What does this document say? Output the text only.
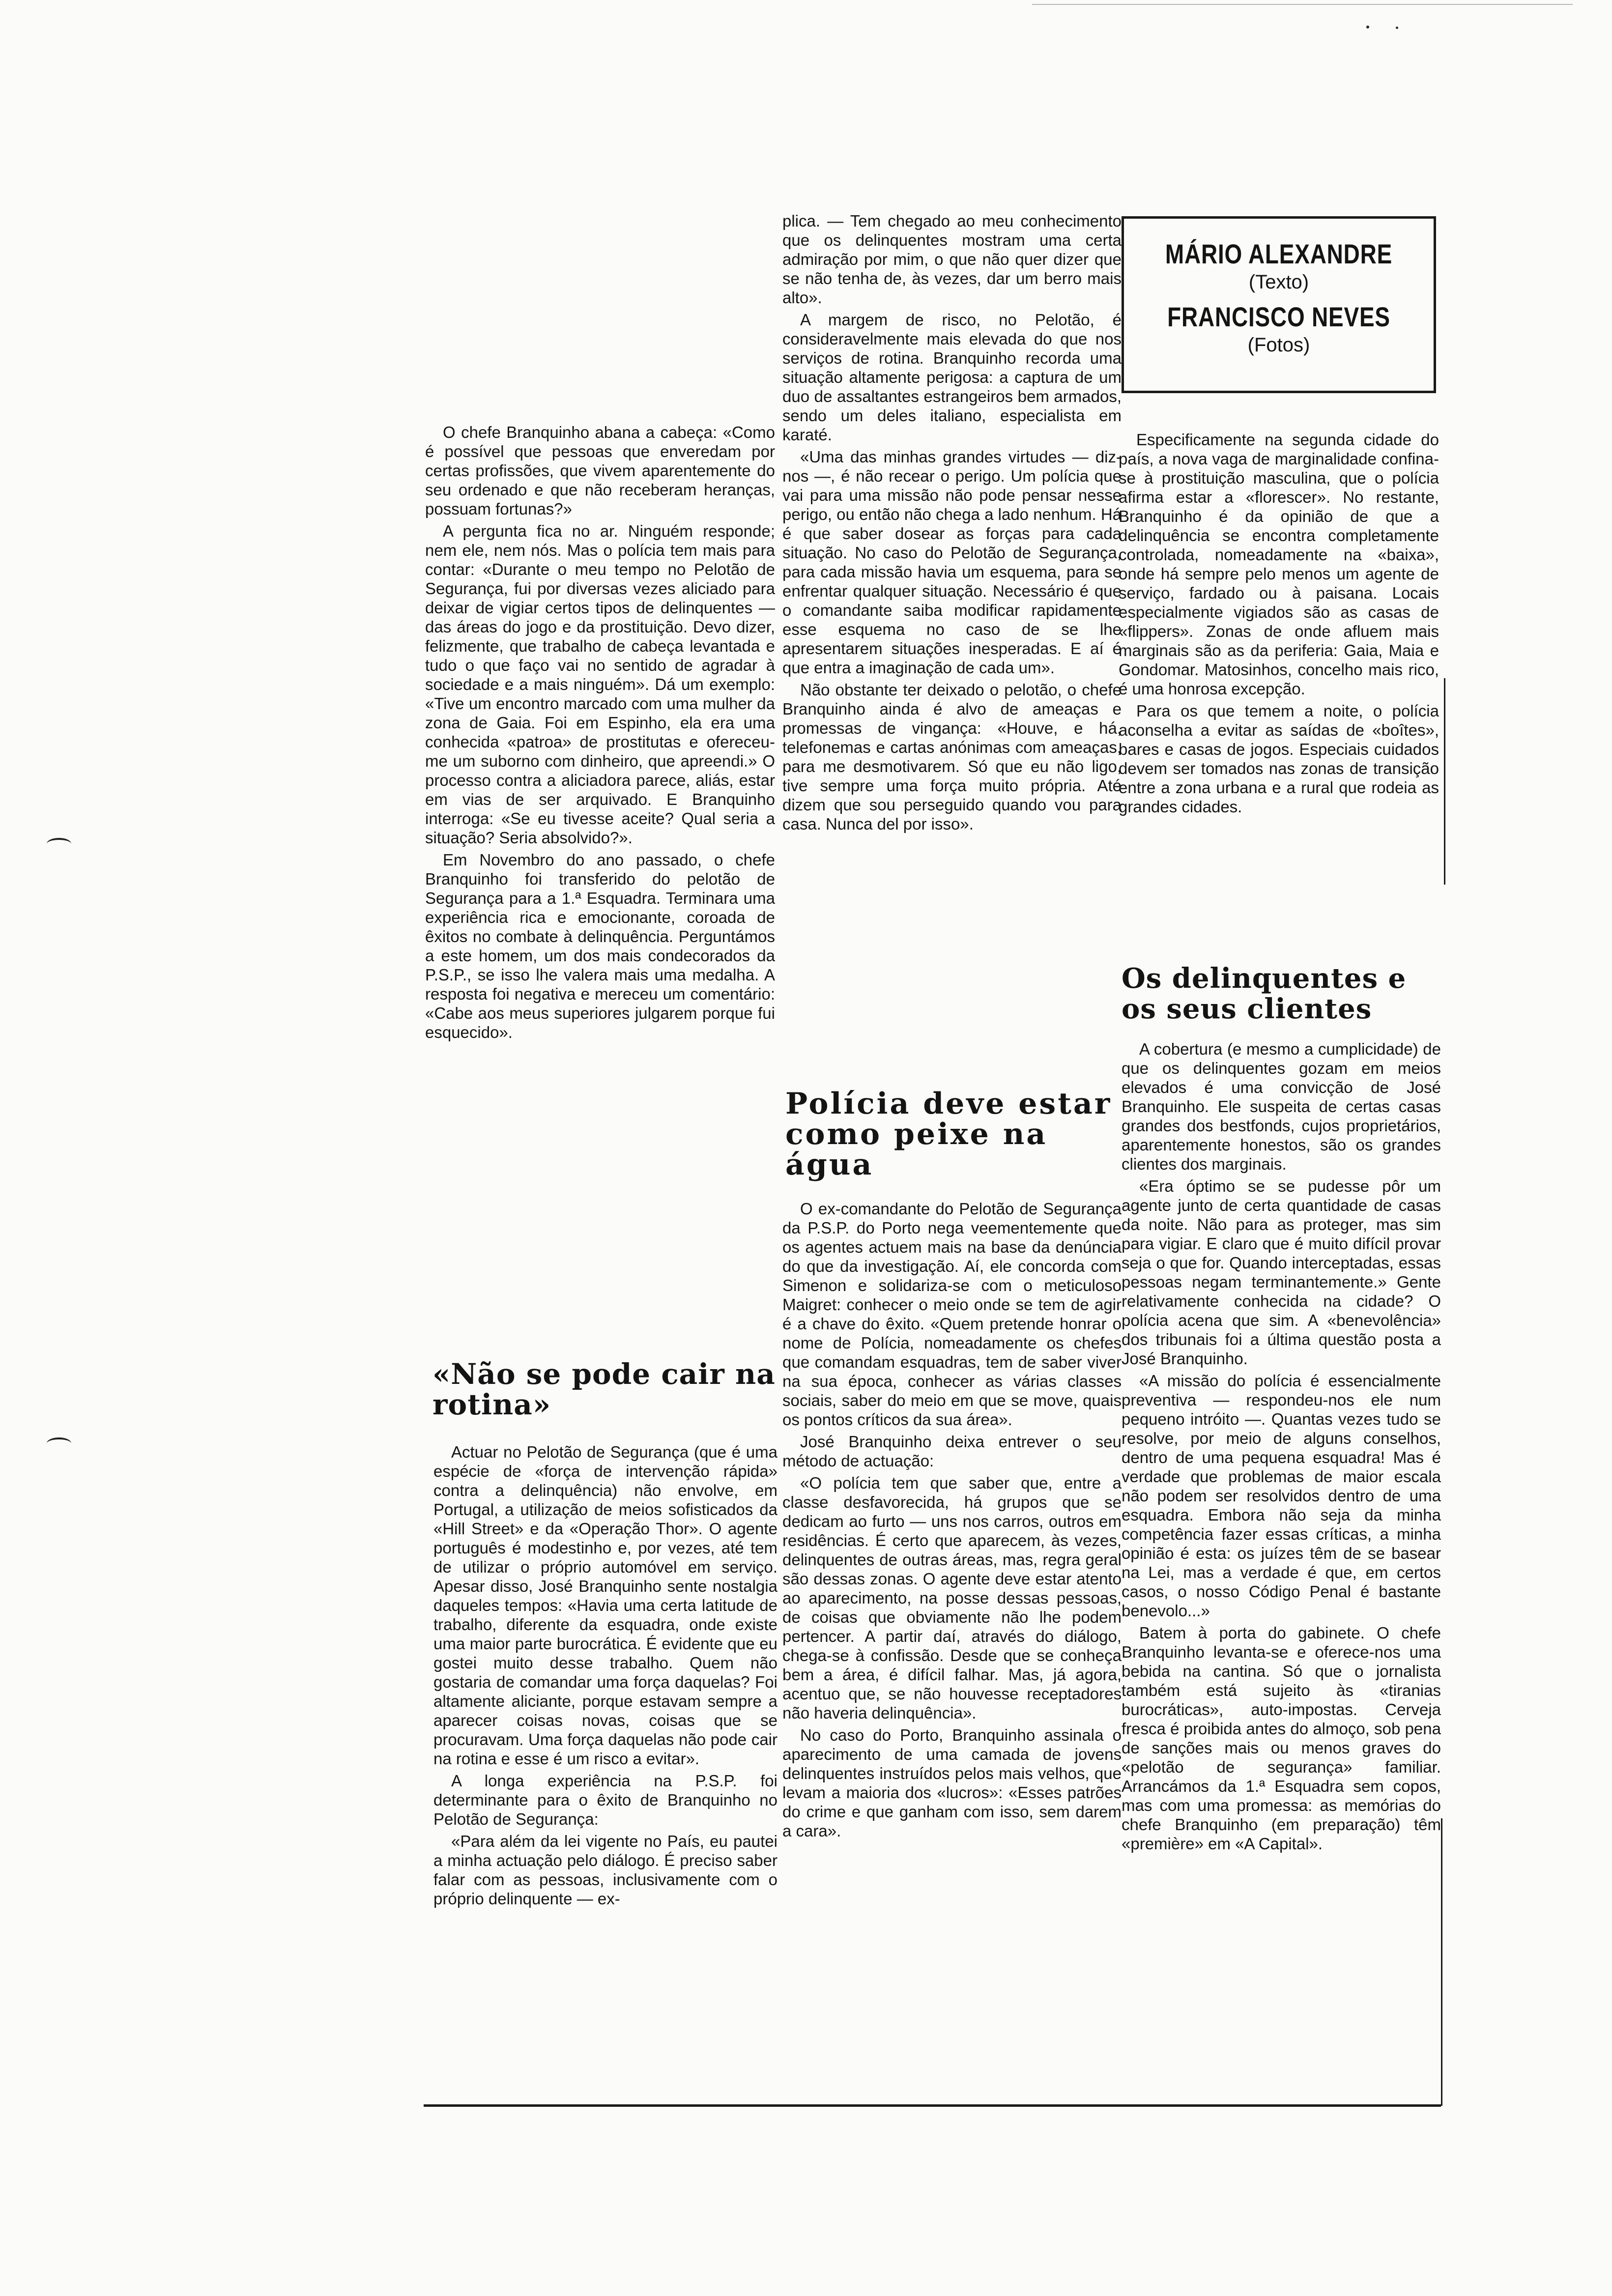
MÁRIO ALEXANDRE
(Texto)
FRANCISCO NEVES
(Fotos)

O chefe Branquinho abana a cabeça: «Como é possível que pessoas que enveredam por certas profissões, que vivem aparentemente do seu ordenado e que não receberam heranças, possuam fortunas?»

A pergunta fica no ar. Ninguém responde; nem ele, nem nós. Mas o polícia tem mais para contar: «Durante o meu tempo no Pelotão de Segurança, fui por diversas vezes aliciado para deixar de vigiar certos tipos de delinquentes — das áreas do jogo e da prostituição. Devo dizer, felizmente, que trabalho de cabeça levantada e tudo o que faço vai no sentido de agradar à sociedade e a mais ninguém». Dá um exemplo: «Tive um encontro marcado com uma mulher da zona de Gaia. Foi em Espinho, ela era uma conhecida «patroa» de prostitutas e ofereceu-me um suborno com dinheiro, que apreendi.» O processo contra a aliciadora parece, aliás, estar em vias de ser arquivado. E Branquinho interroga: «Se eu tivesse aceite? Qual seria a situação? Seria absolvido?».

Em Novembro do ano passado, o chefe Branquinho foi transferido do pelotão de Segurança para a 1.ª Esquadra. Terminara uma experiência rica e emocionante, coroada de êxitos no combate à delinquência. Perguntámos a este homem, um dos mais condecorados da P.S.P., se isso lhe valera mais uma medalha. A resposta foi negativa e mereceu um comentário: «Cabe aos meus superiores julgarem porque fui esquecido».

«Não se pode cair na rotina»

Actuar no Pelotão de Segurança (que é uma espécie de «força de intervenção rápida» contra a delinquência) não envolve, em Portugal, a utilização de meios sofisticados da «Hill Street» e da «Operação Thor». O agente português é modestinho e, por vezes, até tem de utilizar o próprio automóvel em serviço. Apesar disso, José Branquinho sente nostalgia daqueles tempos: «Havia uma certa latitude de trabalho, diferente da esquadra, onde existe uma maior parte burocrática. É evidente que eu gostei muito desse trabalho. Quem não gostaria de comandar uma força daquelas? Foi altamente aliciante, porque estavam sempre a aparecer coisas novas, coisas que se procuravam. Uma força daquelas não pode cair na rotina e esse é um risco a evitar».

A longa experiência na P.S.P. foi determinante para o êxito de Branquinho no Pelotão de Segurança:

«Para além da lei vigente no País, eu pautei a minha actuação pelo diálogo. É preciso saber falar com as pessoas, inclusivamente com o próprio delinquente — ex-

plica. — Tem chegado ao meu conhecimento que os delinquentes mostram uma certa admiração por mim, o que não quer dizer que se não tenha de, às vezes, dar um berro mais alto».

A margem de risco, no Pelotão, é consideravelmente mais elevada do que nos serviços de rotina. Branquinho recorda uma situação altamente perigosa: a captura de um duo de assaltantes estrangeiros bem armados, sendo um deles italiano, especialista em karaté.

«Uma das minhas grandes virtudes — diz-nos —, é não recear o perigo. Um polícia que vai para uma missão não pode pensar nesse perigo, ou então não chega a lado nenhum. Há é que saber dosear as forças para cada situação. No caso do Pelotão de Segurança, para cada missão havia um esquema, para se enfrentar qualquer situação. Necessário é que o comandante saiba modificar rapidamente esse esquema no caso de se lhe apresentarem situações inesperadas. E aí é que entra a imaginação de cada um».

Não obstante ter deixado o pelotão, o chefe Branquinho ainda é alvo de ameaças e promessas de vingança: «Houve, e há, telefonemas e cartas anónimas com ameaças, para me desmotivarem. Só que eu não ligo, tive sempre uma força muito própria. Até dizem que sou perseguido quando vou para casa. Nunca del por isso».

Polícia deve estar como peixe na água

O ex-comandante do Pelotão de Segurança da P.S.P. do Porto nega veementemente que os agentes actuem mais na base da denúncia do que da investigação. Aí, ele concorda com Simenon e solidariza-se com o meticuloso Maigret: conhecer o meio onde se tem de agir é a chave do êxito. «Quem pretende honrar o nome de Polícia, nomeadamente os chefes que comandam esquadras, tem de saber viver na sua época, conhecer as várias classes sociais, saber do meio em que se move, quais os pontos críticos da sua área».

José Branquinho deixa entrever o seu método de actuação:

«O polícia tem que saber que, entre a classe desfavorecida, há grupos que se dedicam ao furto — uns nos carros, outros em residências. É certo que aparecem, às vezes, delinquentes de outras áreas, mas, regra geral são dessas zonas. O agente deve estar atento ao aparecimento, na posse dessas pessoas, de coisas que obviamente não lhe podem pertencer. A partir daí, através do diálogo, chega-se à confissão. Desde que se conheça bem a área, é difícil falhar. Mas, já agora, acentuo que, se não houvesse receptadores não haveria delinquência».

No caso do Porto, Branquinho assinala o aparecimento de uma camada de jovens delinquentes instruídos pelos mais velhos, que levam a maioria dos «lucros»: «Esses patrões do crime e que ganham com isso, sem darem a cara».

Especificamente na segunda cidade do país, a nova vaga de marginalidade confina-se à prostituição masculina, que o polícia afirma estar a «florescer». No restante, Branquinho é da opinião de que a delinquência se encontra completamente controlada, nomeadamente na «baixa», onde há sempre pelo menos um agente de serviço, fardado ou à paisana. Locais especialmente vigiados são as casas de «flippers». Zonas de onde afluem mais marginais são as da periferia: Gaia, Maia e Gondomar. Matosinhos, concelho mais rico, é uma honrosa excepção.

Para os que temem a noite, o polícia aconselha a evitar as saídas de «boîtes», bares e casas de jogos. Especiais cuidados devem ser tomados nas zonas de transição entre a zona urbana e a rural que rodeia as grandes cidades.

Os delinquentes e os seus clientes

A cobertura (e mesmo a cumplicidade) de que os delinquentes gozam em meios elevados é uma convicção de José Branquinho. Ele suspeita de certas casas grandes dos bestfonds, cujos proprietários, aparentemente honestos, são os grandes clientes dos marginais.

«Era óptimo se se pudesse pôr um agente junto de certa quantidade de casas da noite. Não para as proteger, mas sim para vigiar. E claro que é muito difícil provar seja o que for. Quando interceptadas, essas pessoas negam terminantemente.» Gente relativamente conhecida na cidade? O polícia acena que sim. A «benevolência» dos tribunais foi a última questão posta a José Branquinho.

«A missão do polícia é essencialmente preventiva — respondeu-nos ele num pequeno intróito —. Quantas vezes tudo se resolve, por meio de alguns conselhos, dentro de uma pequena esquadra! Mas é verdade que problemas de maior escala não podem ser resolvidos dentro de uma esquadra. Embora não seja da minha competência fazer essas críticas, a minha opinião é esta: os juízes têm de se basear na Lei, mas a verdade é que, em certos casos, o nosso Código Penal é bastante benevolo...»

Batem à porta do gabinete. O chefe Branquinho levanta-se e oferece-nos uma bebida na cantina. Só que o jornalista também está sujeito às «tiranias burocráticas», auto-impostas. Cerveja fresca é proibida antes do almoço, sob pena de sanções mais ou menos graves do «pelotão de segurança» familiar. Arrancámos da 1.ª Esquadra sem copos, mas com uma promessa: as memórias do chefe Branquinho (em preparação) têm «première» em «A Capital».
